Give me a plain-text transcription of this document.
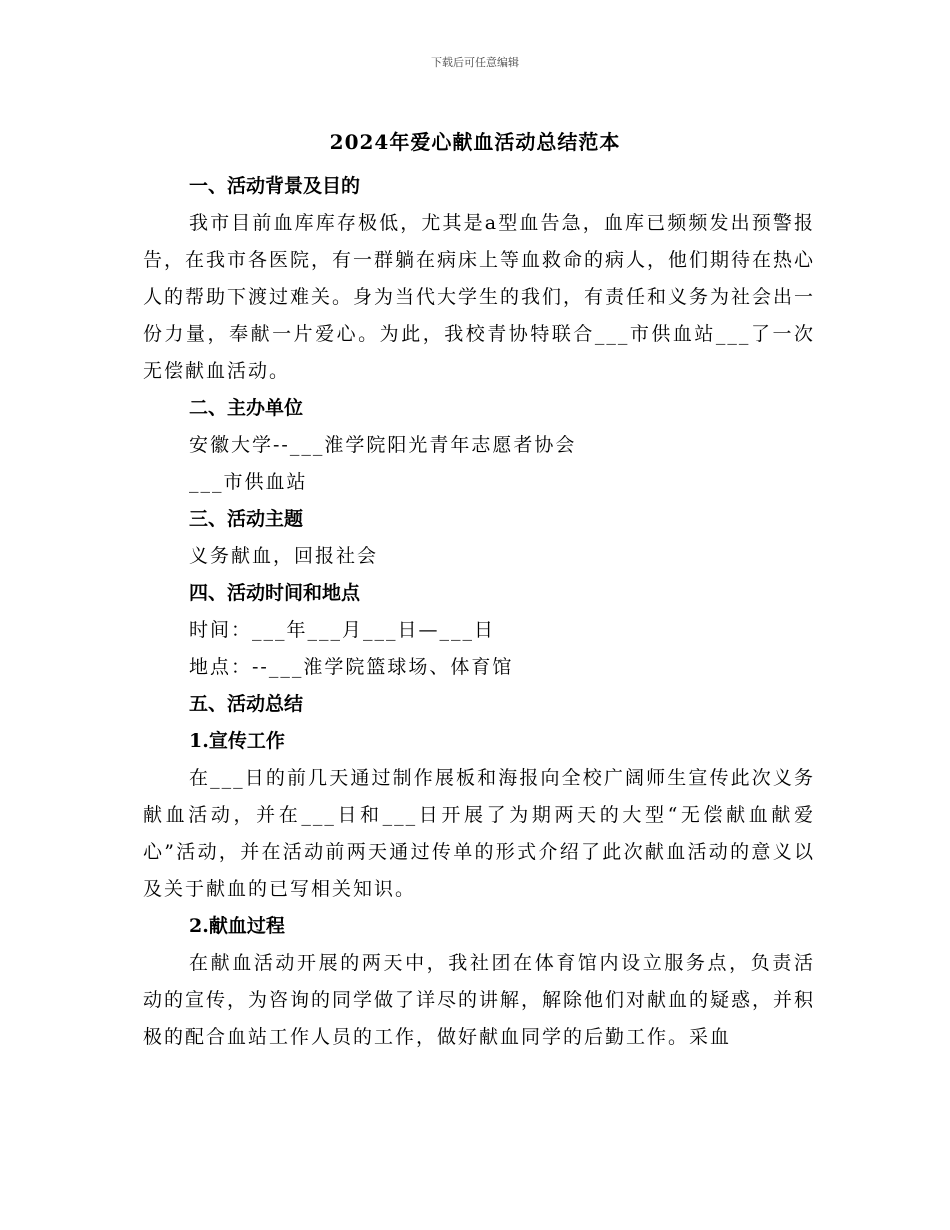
下载后可任意编辑
2024年爱心献血活动总结范本

一、活动背景及目的

我市目前血库库存极低，尤其是a型血告急，血库已频频发出预警报告，在我市各医院，有一群躺在病床上等血救命的病人，他们期待在热心人的帮助下渡过难关。身为当代大学生的我们，有责任和义务为社会出一份力量，奉献一片爱心。为此，我校青协特联合___市供血站___了一次无偿献血活动。

二、主办单位

安徽大学--___淮学院阳光青年志愿者协会

___市供血站

三、活动主题

义务献血，回报社会

四、活动时间和地点

时间：___年___月___日—___日

地点：--___淮学院篮球场、体育馆

五、活动总结

1.宣传工作

在___日的前几天通过制作展板和海报向全校广阔师生宣传此次义务献血活动，并在___日和___日开展了为期两天的大型“无偿献血献爱心”活动，并在活动前两天通过传单的形式介绍了此次献血活动的意义以及关于献血的已写相关知识。

2.献血过程

在献血活动开展的两天中，我社团在体育馆内设立服务点，负责活动的宣传，为咨询的同学做了详尽的讲解，解除他们对献血的疑惑，并积极的配合血站工作人员的工作，做好献血同学的后勤工作。采血
